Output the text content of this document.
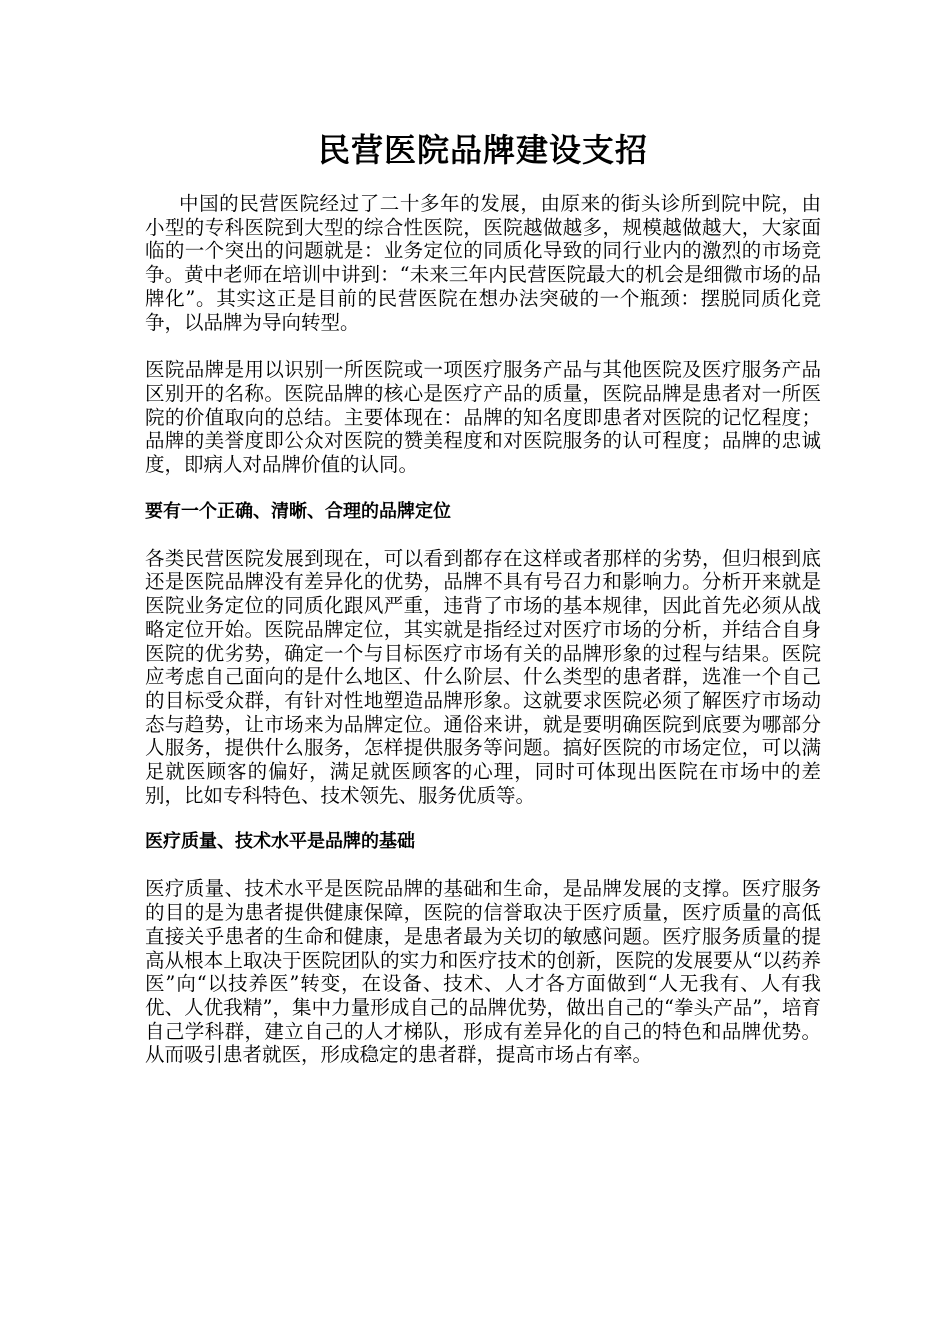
民营医院品牌建设支招

中国的民营医院经过了二十多年的发展，由原来的街头诊所到院中院，由小型的专科医院到大型的综合性医院，医院越做越多，规模越做越大，大家面临的一个突出的问题就是：业务定位的同质化导致的同行业内的激烈的市场竞争。黄中老师在培训中讲到：“未来三年内民营医院最大的机会是细微市场的品牌化”。其实这正是目前的民营医院在想办法突破的一个瓶颈：摆脱同质化竞争，以品牌为导向转型。

医院品牌是用以识别一所医院或一项医疗服务产品与其他医院及医疗服务产品区别开的名称。医院品牌的核心是医疗产品的质量，医院品牌是患者对一所医院的价值取向的总结。主要体现在：品牌的知名度即患者对医院的记忆程度；品牌的美誉度即公众对医院的赞美程度和对医院服务的认可程度；品牌的忠诚度，即病人对品牌价值的认同。

要有一个正确、清晰、合理的品牌定位

各类民营医院发展到现在，可以看到都存在这样或者那样的劣势，但归根到底还是医院品牌没有差异化的优势，品牌不具有号召力和影响力。分析开来就是医院业务定位的同质化跟风严重，违背了市场的基本规律，因此首先必须从战略定位开始。医院品牌定位，其实就是指经过对医疗市场的分析，并结合自身医院的优劣势，确定一个与目标医疗市场有关的品牌形象的过程与结果。医院应考虑自己面向的是什么地区、什么阶层、什么类型的患者群，选准一个自己的目标受众群，有针对性地塑造品牌形象。这就要求医院必须了解医疗市场动态与趋势，让市场来为品牌定位。通俗来讲，就是要明确医院到底要为哪部分人服务，提供什么服务，怎样提供服务等问题。搞好医院的市场定位，可以满足就医顾客的偏好，满足就医顾客的心理，同时可体现出医院在市场中的差别，比如专科特色、技术领先、服务优质等。

医疗质量、技术水平是品牌的基础

医疗质量、技术水平是医院品牌的基础和生命，是品牌发展的支撑。医疗服务的目的是为患者提供健康保障，医院的信誉取决于医疗质量，医疗质量的高低直接关乎患者的生命和健康，是患者最为关切的敏感问题。医疗服务质量的提高从根本上取决于医院团队的实力和医疗技术的创新，医院的发展要从“以药养医”向“以技养医”转变，在设备、技术、人才各方面做到“人无我有、人有我优、人优我精”，集中力量形成自己的品牌优势，做出自己的“拳头产品”，培育自己学科群，建立自己的人才梯队，形成有差异化的自己的特色和品牌优势。从而吸引患者就医，形成稳定的患者群，提高市场占有率。
